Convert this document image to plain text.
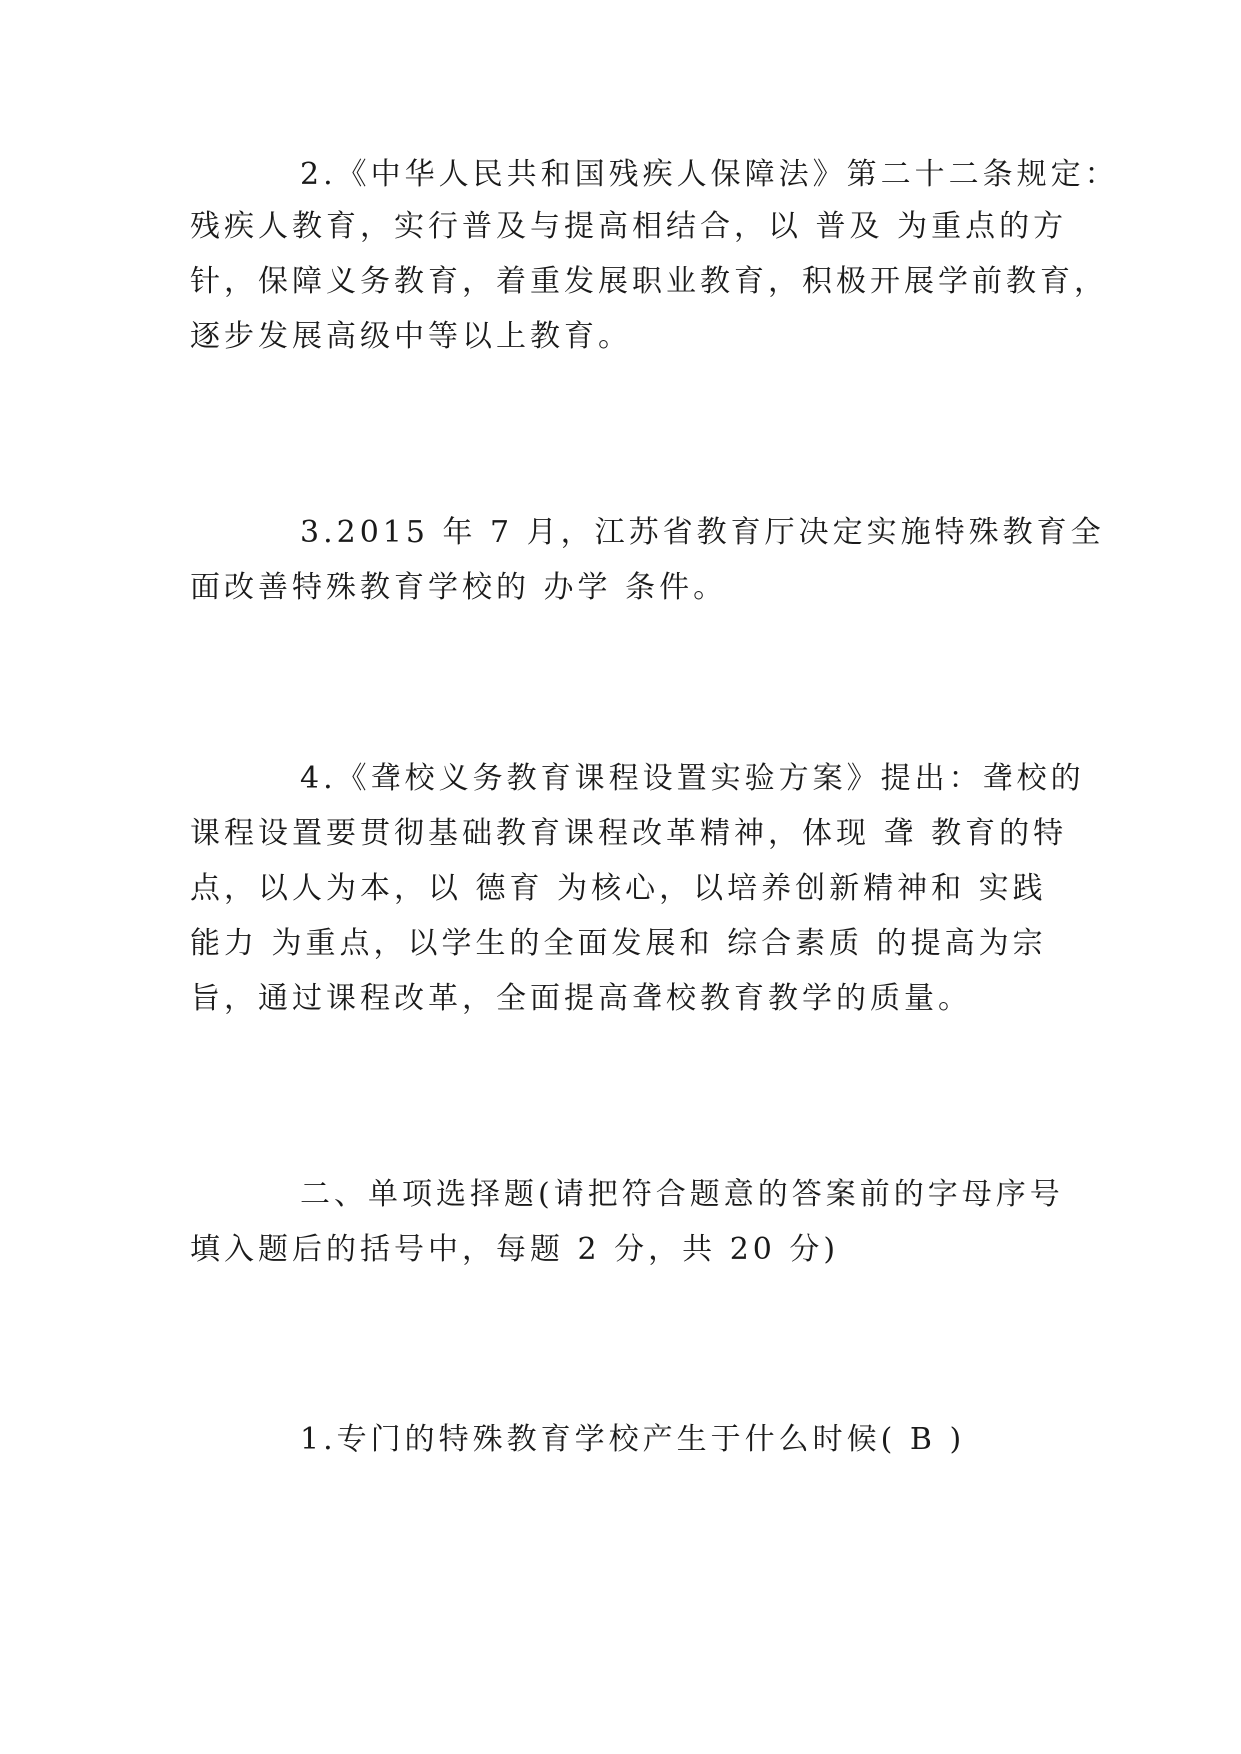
2.《中华人民共和国残疾人保障法》第二十二条规定：
残疾人教育，实行普及与提高相结合，以 普及 为重点的方
针，保障义务教育，着重发展职业教育，积极开展学前教育，
逐步发展高级中等以上教育。
3.2015 年 7 月，江苏省教育厅决定实施特殊教育全
面改善特殊教育学校的 办学 条件。
4.《聋校义务教育课程设置实验方案》提出：聋校的
课程设置要贯彻基础教育课程改革精神，体现 聋 教育的特
点，以人为本，以 德育 为核心，以培养创新精神和 实践
能力 为重点，以学生的全面发展和 综合素质 的提高为宗
旨，通过课程改革，全面提高聋校教育教学的质量。
二、单项选择题(请把符合题意的答案前的字母序号
填入题后的括号中，每题 2 分，共 20 分)
1.专门的特殊教育学校产生于什么时候( B )
